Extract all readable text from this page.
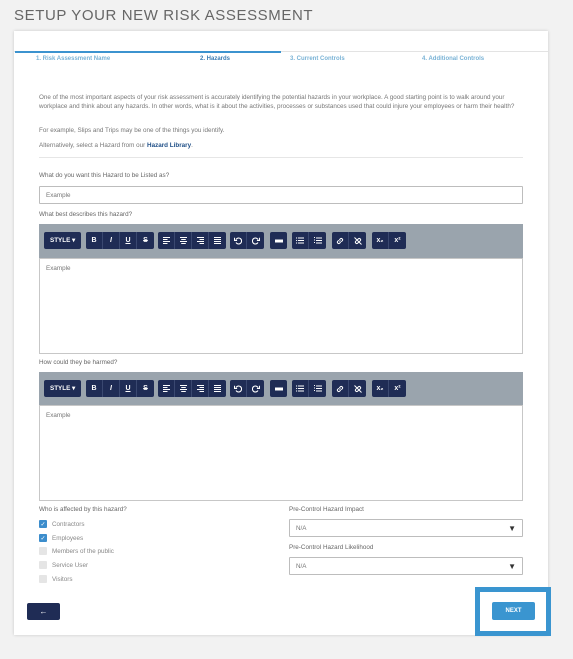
SETUP YOUR NEW RISK ASSESSMENT
1. Risk Assessment Name	2. Hazards	3. Current Controls	4. Additional Controls
One of the most important aspects of your risk assessment is accurately identifying the potential hazards in your workplace. A good starting point is to walk around your workplace and think about any hazards. In other words, what is it about the activities, processes or substances used that could injure your employees or harm their health?
For example, Slips and Trips may be one of the things you identify.
Alternatively, select a Hazard from our Hazard Library.
What do you want this Hazard to be Listed as?
Example
What best describes this hazard?
STYLE
▾	B	I	U	S	x₂	x²
Example
How could they be harmed?
STYLE
▾	B	I	U	S	x₂	x²
Example
Who is affected by this hazard?
✓ Contractors
✓ Employees
Members of the public
Service User
Visitors
Pre-Control Hazard Impact
N/A	▼
Pre-Control Hazard Likelihood
N/A	▼
←	NEXT
